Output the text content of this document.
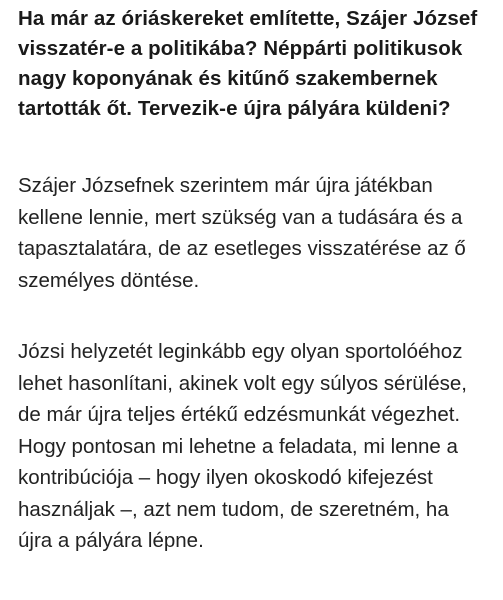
Ha már az óriáskereket említette, Szájer József visszatér-e a politikába? Néppárti politikusok nagy koponyának és kitűnő szakembernek tartották őt. Tervezik-e újra pályára küldeni?

Szájer Józsefnek szerintem már újra játékban kellene lennie, mert szükség van a tudására és a tapasztalatára, de az esetleges visszatérése az ő személyes döntése.

Józsi helyzetét leginkább egy olyan sportolóéhoz lehet hasonlítani, akinek volt egy súlyos sérülése, de már újra teljes értékű edzésmunkát végezhet. Hogy pontosan mi lehetne a feladata, mi lenne a kontribúciója – hogy ilyen okoskodó kifejezést használjak –, azt nem tudom, de szeretném, ha újra a pályára lépne.
